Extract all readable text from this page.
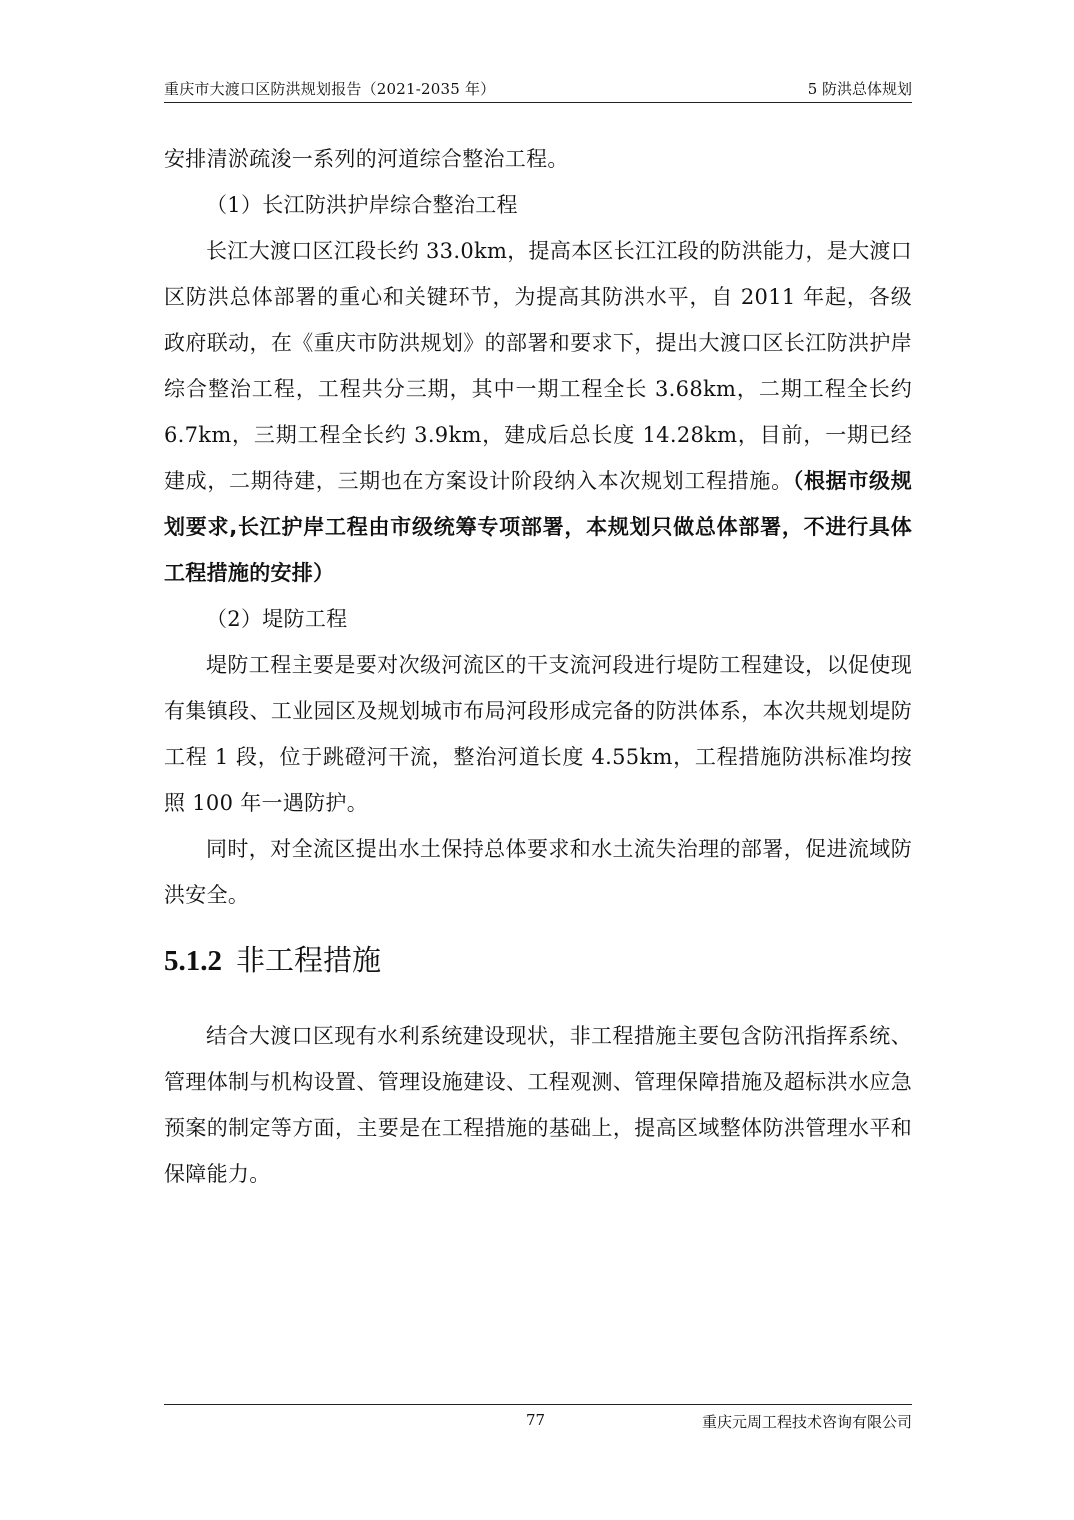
重庆市大渡口区防洪规划报告（2021-2035 年）	5 防洪总体规划

安排清淤疏浚一系列的河道综合整治工程。

（1）长江防洪护岸综合整治工程

长江大渡口区江段长约 33.0km，提高本区长江江段的防洪能力，是大渡口区防洪总体部署的重心和关键环节，为提高其防洪水平，自 2011 年起，各级政府联动，在《重庆市防洪规划》的部署和要求下，提出大渡口区长江防洪护岸综合整治工程，工程共分三期，其中一期工程全长 3.68km，二期工程全长约 6.7km，三期工程全长约 3.9km，建成后总长度 14.28km，目前，一期已经建成，二期待建，三期也在方案设计阶段纳入本次规划工程措施。（根据市级规划要求,长江护岸工程由市级统筹专项部署，本规划只做总体部署，不进行具体工程措施的安排）

（2）堤防工程

堤防工程主要是要对次级河流区的干支流河段进行堤防工程建设，以促使现有集镇段、工业园区及规划城市布局河段形成完备的防洪体系，本次共规划堤防工程 1 段，位于跳磴河干流，整治河道长度 4.55km，工程措施防洪标准均按照 100 年一遇防护。

同时，对全流区提出水土保持总体要求和水土流失治理的部署，促进流域防洪安全。

5.1.2 非工程措施

结合大渡口区现有水利系统建设现状，非工程措施主要包含防汛指挥系统、管理体制与机构设置、管理设施建设、工程观测、管理保障措施及超标洪水应急预案的制定等方面，主要是在工程措施的基础上，提高区域整体防洪管理水平和保障能力。

77	重庆元周工程技术咨询有限公司
